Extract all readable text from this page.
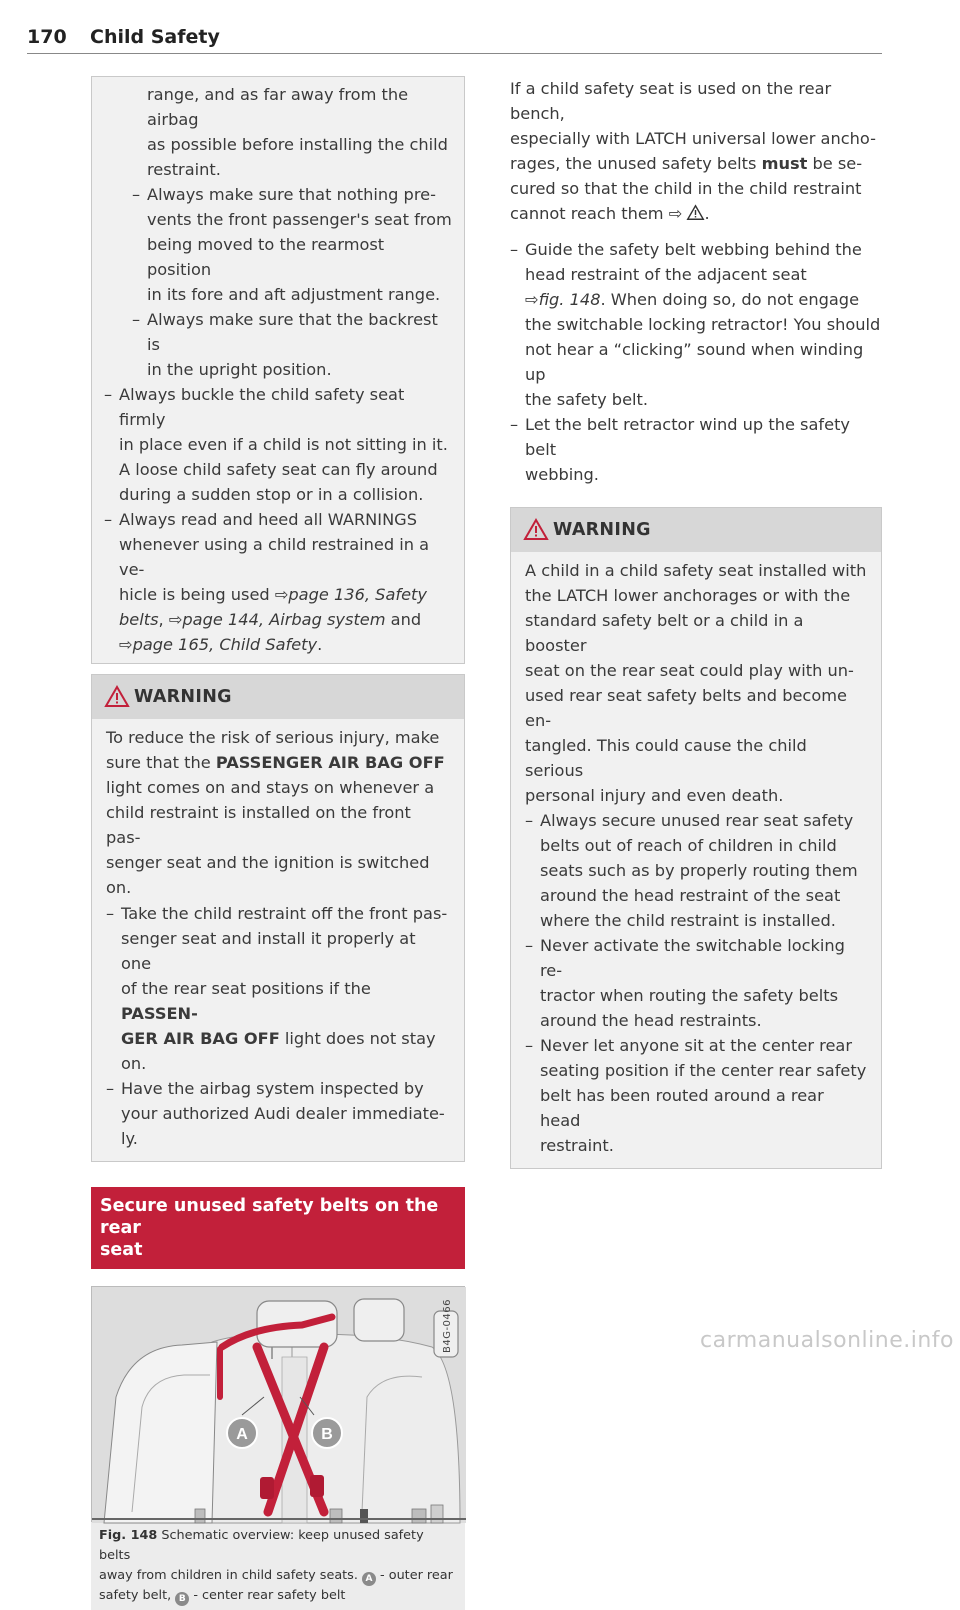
170 Child Safety

range, and as far away from the airbag

as possible before installing the child

restraint.

– Always make sure that nothing pre-

vents the front passenger's seat from

being moved to the rearmost position

in its fore and aft adjustment range.

– Always make sure that the backrest is

in the upright position.

– Always buckle the child safety seat firmly

in place even if a child is not sitting in it.

A loose child safety seat can fly around

during a sudden stop or in a collision.

– Always read and heed all WARNINGS

whenever using a child restrained in a ve-

hicle is being used ⇨page 136, Safety

belts, ⇨page 144, Airbag system and

⇨page 165, Child Safety.

WARNING

To reduce the risk of serious injury, make

sure that the PASSENGER AIR BAG OFF

light comes on and stays on whenever a

child restraint is installed on the front pas-

senger seat and the ignition is switched

on.

– Take the child restraint off the front pas-

senger seat and install it properly at one

of the rear seat positions if the PASSEN-

GER AIR BAG OFF light does not stay on.

– Have the airbag system inspected by

your authorized Audi dealer immediate-

ly.

Secure unused safety belts on the rear
seat
A	B
B4G-0466
Fig. 148 Schematic overview: keep unused safety belts
away from children in child safety seats. A - outer rear
safety belt, B - center rear safety belt

If a child safety seat is used on the rear bench,

especially with LATCH universal lower ancho-

rages, the unused safety belts must be se-

cured so that the child in the child restraint

cannot reach them ⇨ .

– Guide the safety belt webbing behind the

head restraint of the adjacent seat

⇨fig. 148. When doing so, do not engage

the switchable locking retractor! You should

not hear a “clicking” sound when winding up

the safety belt.

– Let the belt retractor wind up the safety belt

webbing.

WARNING

A child in a child safety seat installed with

the LATCH lower anchorages or with the

standard safety belt or a child in a booster

seat on the rear seat could play with un-

used rear seat safety belts and become en-

tangled. This could cause the child serious

personal injury and even death.

– Always secure unused rear seat safety

belts out of reach of children in child

seats such as by properly routing them

around the head restraint of the seat

where the child restraint is installed.

– Never activate the switchable locking re-

tractor when routing the safety belts

around the head restraints.

– Never let anyone sit at the center rear

seating position if the center rear safety

belt has been routed around a rear head

restraint.

carmanualsonline.info
